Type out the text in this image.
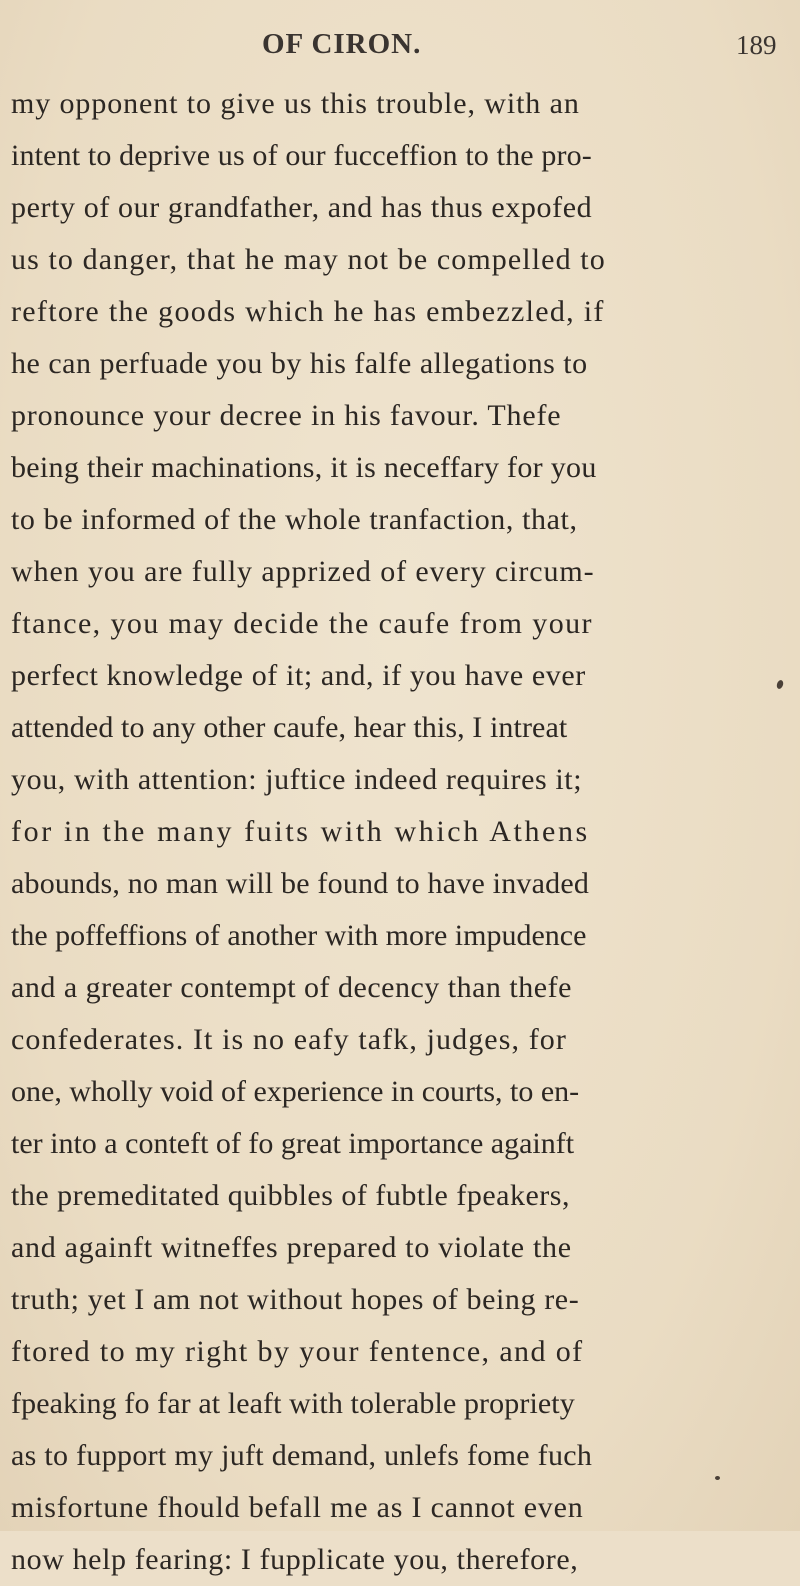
OF CIRON.	189
my opponent to give us this trouble, with an
intent to deprive us of our fucceffion to the pro-
perty of our grandfather, and has thus expofed
us to danger, that he may not be compelled to
reftore the goods which he has embezzled, if
he can perfuade you by his falfe allegations to
pronounce your decree in his favour. Thefe
being their machinations, it is neceffary for you
to be informed of the whole tranfaction, that,
when you are fully apprized of every circum-
ftance, you may decide the caufe from your
perfect knowledge of it; and, if you have ever
attended to any other caufe, hear this, I intreat
you, with attention: juftice indeed requires it;
for in the many fuits with which Athens
abounds, no man will be found to have invaded
the poffeffions of another with more impudence
and a greater contempt of decency than thefe
confederates. It is no eafy tafk, judges, for
one, wholly void of experience in courts, to en-
ter into a conteft of fo great importance againft
the premeditated quibbles of fubtle fpeakers,
and againft witneffes prepared to violate the
truth; yet I am not without hopes of being re-
ftored to my right by your fentence, and of
fpeaking fo far at leaft with tolerable propriety
as to fupport my juft demand, unlefs fome fuch
misfortune fhould befall me as I cannot even
now help fearing: I fupplicate you, therefore,
